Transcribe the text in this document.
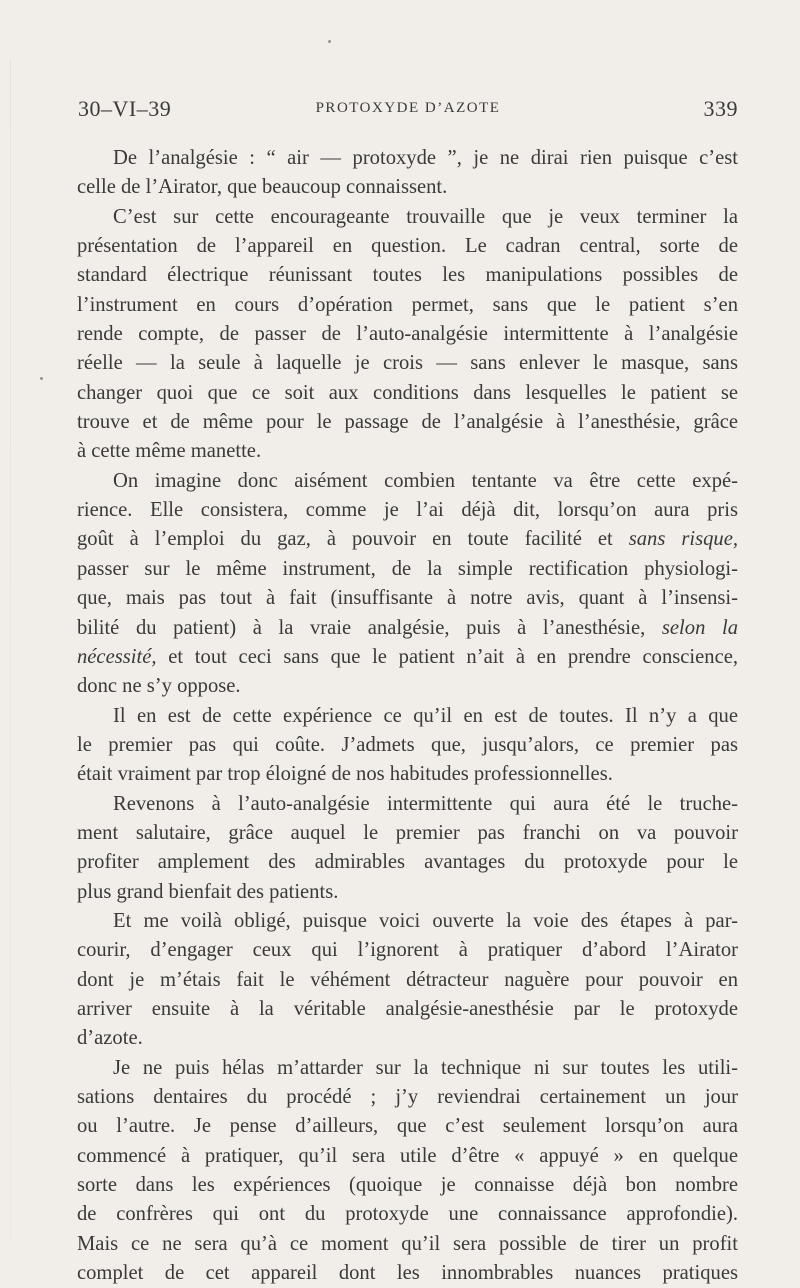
30–VI–39	PROTOXYDE D’AZOTE	339
De l’analgésie : “ air — protoxyde ”, je ne dirai rien puisque c’est
celle de l’Airator, que beaucoup connaissent.
C’est sur cette encourageante trouvaille que je veux terminer la
présentation de l’appareil en question. Le cadran central, sorte de
standard électrique réunissant toutes les manipulations possibles de
l’instrument en cours d’opération permet, sans que le patient s’en
rende compte, de passer de l’auto-analgésie intermittente à l’analgésie
réelle — la seule à laquelle je crois — sans enlever le masque, sans
changer quoi que ce soit aux conditions dans lesquelles le patient se
trouve et de même pour le passage de l’analgésie à l’anesthésie, grâce
à cette même manette.
On imagine donc aisément combien tentante va être cette expé-
rience. Elle consistera, comme je l’ai déjà dit, lorsqu’on aura pris
goût à l’emploi du gaz, à pouvoir en toute facilité et sans risque,
passer sur le même instrument, de la simple rectification physiologi-
que, mais pas tout à fait (insuffisante à notre avis, quant à l’insensi-
bilité du patient) à la vraie analgésie, puis à l’anesthésie, selon la
nécessité, et tout ceci sans que le patient n’ait à en prendre conscience,
donc ne s’y oppose.
Il en est de cette expérience ce qu’il en est de toutes. Il n’y a que
le premier pas qui coûte. J’admets que, jusqu’alors, ce premier pas
était vraiment par trop éloigné de nos habitudes professionnelles.
Revenons à l’auto-analgésie intermittente qui aura été le truche-
ment salutaire, grâce auquel le premier pas franchi on va pouvoir
profiter amplement des admirables avantages du protoxyde pour le
plus grand bienfait des patients.
Et me voilà obligé, puisque voici ouverte la voie des étapes à par-
courir, d’engager ceux qui l’ignorent à pratiquer d’abord l’Airator
dont je m’étais fait le véhément détracteur naguère pour pouvoir en
arriver ensuite à la véritable analgésie-anesthésie par le protoxyde
d’azote.
Je ne puis hélas m’attarder sur la technique ni sur toutes les utili-
sations dentaires du procédé ; j’y reviendrai certainement un jour
ou l’autre. Je pense d’ailleurs, que c’est seulement lorsqu’on aura
commencé à pratiquer, qu’il sera utile d’être « appuyé » en quelque
sorte dans les expériences (quoique je connaisse déjà bon nombre
de confrères qui ont du protoxyde une connaissance approfondie).
Mais ce ne sera qu’à ce moment qu’il sera possible de tirer un profit
complet de cet appareil dont les innombrables nuances pratiques
